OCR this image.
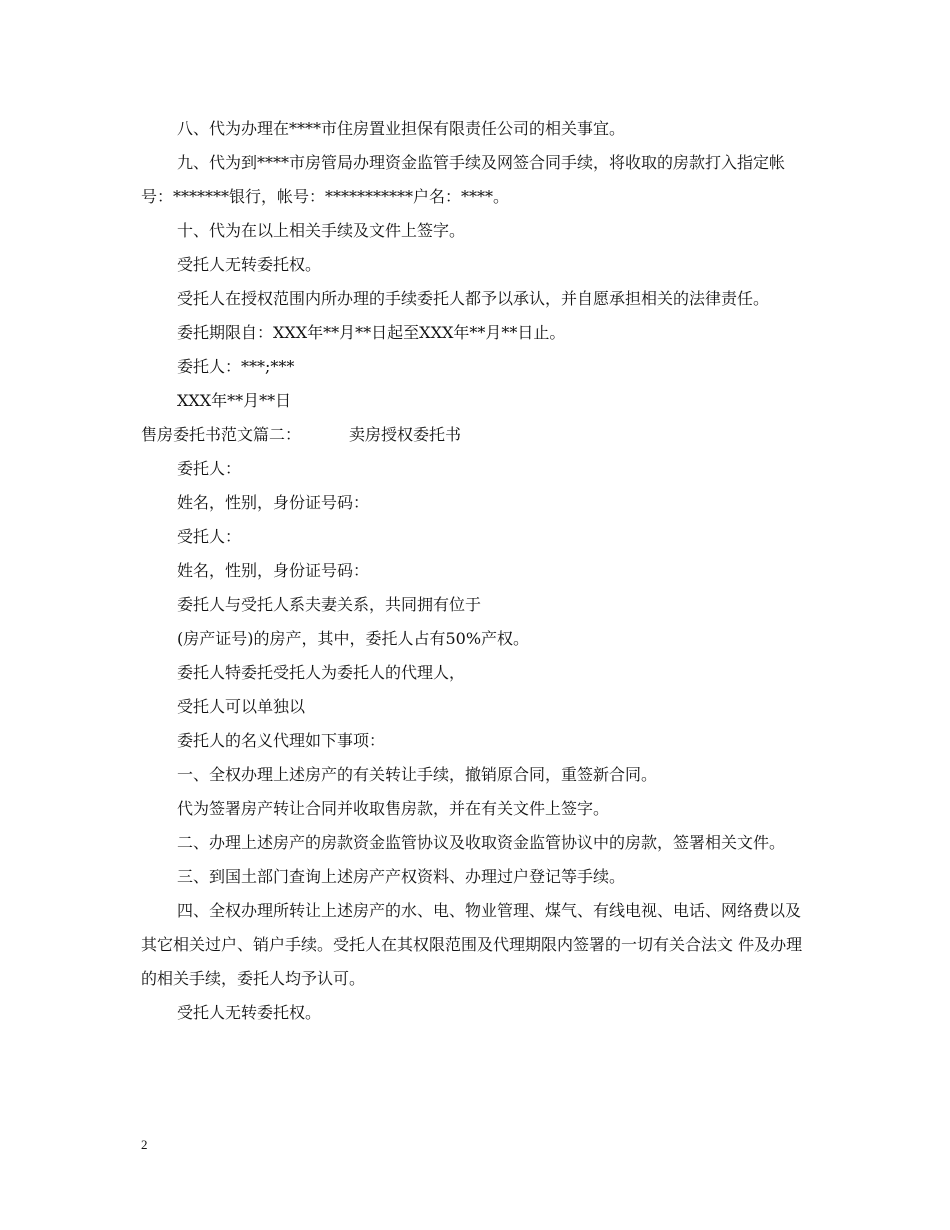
八、代为办理在****市住房置业担保有限责任公司的相关事宜。

九、代为到****市房管局办理资金监管手续及网签合同手续，将收取的房款打入指定帐号：*******银行，帐号：***********户名：****。

十、代为在以上相关手续及文件上签字。

受托人无转委托权。

受托人在授权范围内所办理的手续委托人都予以承认，并自愿承担相关的法律责任。

委托期限自：XXX年**月**日起至XXX年**月**日止。

委托人：***;***

XXX年**月**日

售房委托书范文篇二：	卖房授权委托书

委托人：

姓名，性别，身份证号码：

受托人：

姓名，性别，身份证号码：

委托人与受托人系夫妻关系，共同拥有位于

(房产证号)的房产，其中，委托人占有50%产权。

委托人特委托受托人为委托人的代理人，

受托人可以单独以

委托人的名义代理如下事项：

一、全权办理上述房产的有关转让手续，撤销原合同，重签新合同。

代为签署房产转让合同并收取售房款，并在有关文件上签字。

二、办理上述房产的房款资金监管协议及收取资金监管协议中的房款，签署相关文件。

三、到国土部门查询上述房产产权资料、办理过户登记等手续。

四、全权办理所转让上述房产的水、电、物业管理、煤气、有线电视、电话、网络费以及其它相关过户、销户手续。受托人在其权限范围及代理期限内签署的一切有关合法文 件及办理的相关手续，委托人均予认可。

受托人无转委托权。

2
